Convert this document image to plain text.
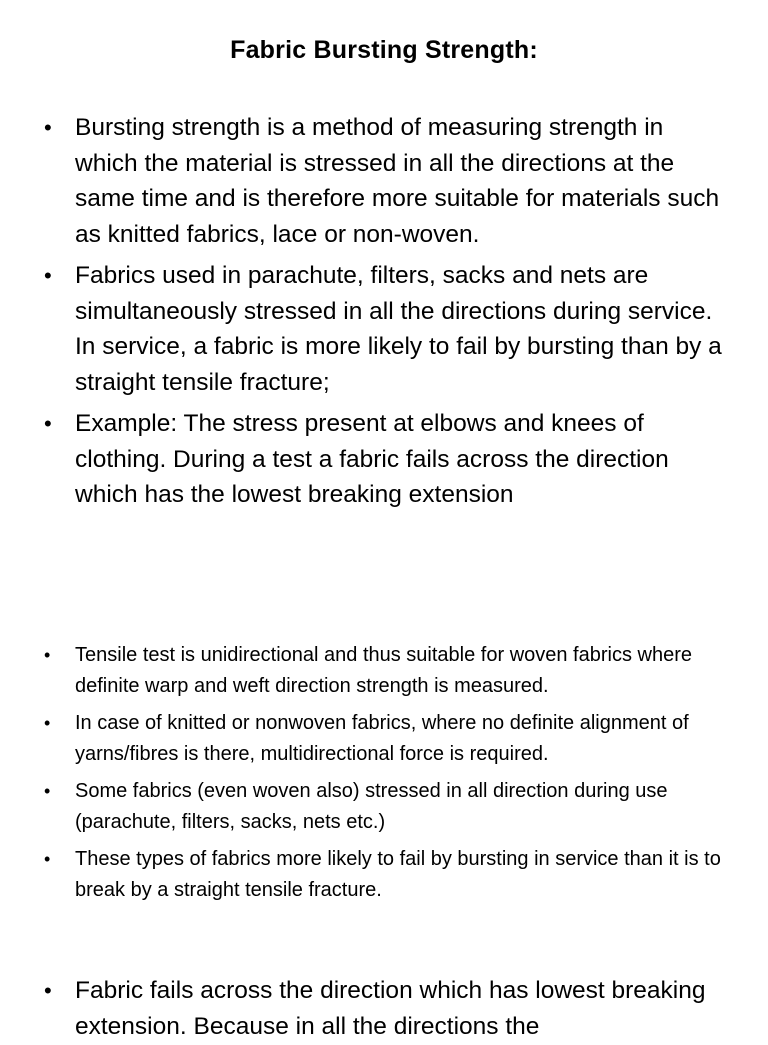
Fabric Bursting Strength:
• Bursting strength is a method of measuring strength in which the material is stressed in all the directions at the same time and is therefore more suitable for materials such as knitted fabrics, lace or non-woven.
• Fabrics used in parachute, filters, sacks and nets are simultaneously stressed in all the directions during service. In service, a fabric is more likely to fail by bursting than by a straight tensile fracture;
• Example: The stress present at elbows and knees of clothing. During a test a fabric fails across the direction which has the lowest breaking extension
• Tensile test is unidirectional and thus suitable for woven fabrics where definite warp and weft direction strength is measured.
• In case of knitted or nonwoven fabrics, where no definite alignment of yarns/fibres is there, multidirectional force is required.
• Some fabrics (even woven also) stressed in all direction during use (parachute, filters, sacks, nets etc.)
• These types of fabrics more likely to fail by bursting in service than it is to break by a straight tensile fracture.
• Fabric fails across the direction which has lowest breaking extension. Because in all the directions the
